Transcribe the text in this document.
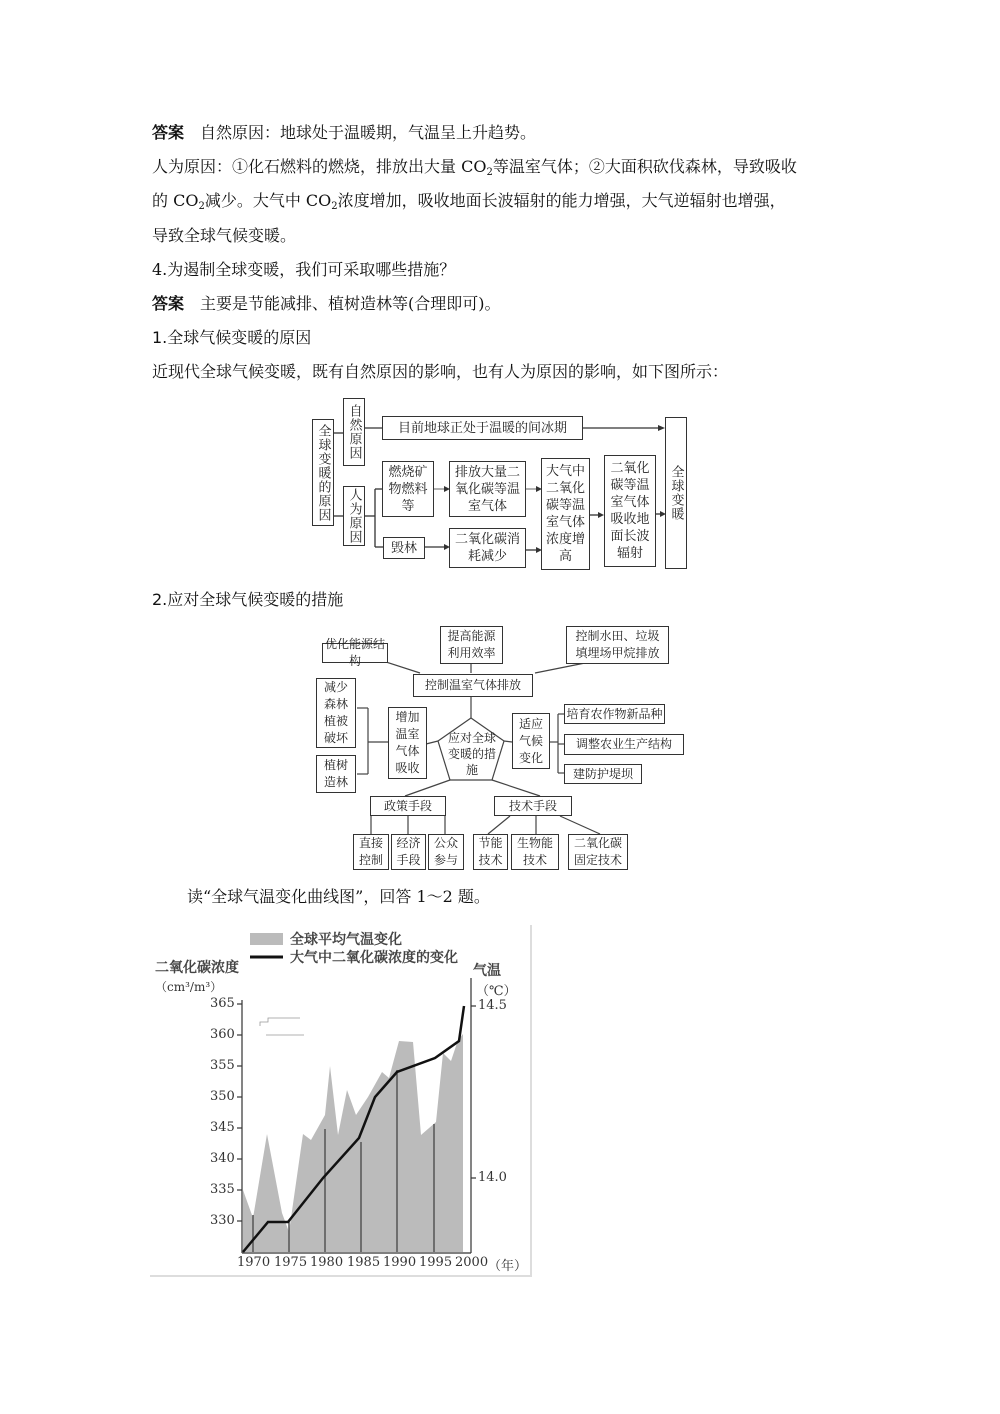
答案 自然原因：地球处于温暖期，气温呈上升趋势。
人为原因：①化石燃料的燃烧，排放出大量 $CO_2$等温室气体；②大面积砍伐森林，导致吸收
的 $CO_2$减少。大气中 $CO_2$浓度增加，吸收地面长波辐射的能力增强，大气逆辐射也增强，
导致全球气候变暖。
4.为遏制全球变暖，我们可采取哪些措施？
答案 主要是节能减排、植树造林等(合理即可)。
1.全球气候变暖的原因
近现代全球气候变暖，既有自然原因的影响，也有人为原因的影响，如下图所示：
全球变暖的原因 自然原因	目前地球正处于温暖的间冰期
人为原因
燃烧矿物燃料等
排放大量二氧化碳等温室气体
毁林
二氧化碳消耗减少
大气中二氧化碳等温室气体浓度增高
二氧化碳等温室气体吸收地面长波辐射
全球变暖
2.应对全球气候变暖的措施
优化能源结构
提高能源利用效率
控制水田、垃圾填埋场甲烷排放
控制温室气体排放
减少森林植被破坏
植树造林
增加温室气体吸收
应对全球变暖的措施
适应气候变化
培育农作物新品种
调整农业生产结构
建防护堤坝
政策手段	技术手段
直接控制
经济手段
公众参与
节能技术
生物能技术
二氧化碳固定技术
读“全球气温变化曲线图”，回答 1～2 题。
全球平均气温变化
大气中二氧化碳浓度的变化
二氧化碳浓度
（cm³/m³）
气温
（℃）
365
360
355
350
345
340
335
330
14.5
14.0
1970 1975 1980 1985 1990 1995 2000 （年）
